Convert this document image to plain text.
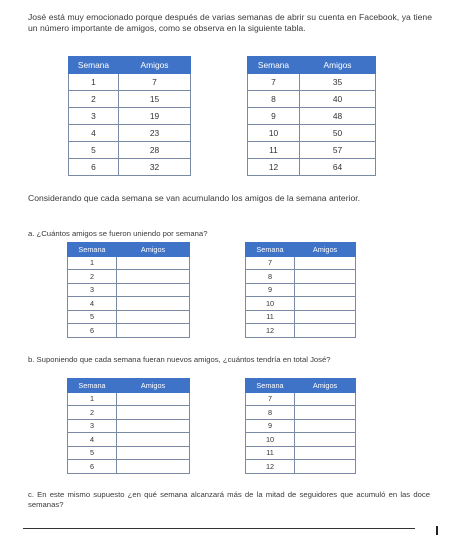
José está muy emocionado porque después de varias semanas de abrir su cuenta en Facebook, ya tiene un número importante de amigos, como se observa en la siguiente tabla.

Semana	Amigos
1	7
2	15
3	19
4	23
5	28
6	32
Semana	Amigos
7	35
8	40
9	48
10	50
11	57
12	64

Considerando que cada semana se van acumulando los amigos de la semana anterior.

a. ¿Cuántos amigos se fueron uniendo por semana?
Semana	Amigos
1	
2	
3	
4	
5	
6	
Semana	Amigos
7	
8	
9	
10	
11	
12	
b. Suponiendo que cada semana fueran nuevos amigos, ¿cuántos tendría en total José?
Semana	Amigos
1	
2	
3	
4	
5	
6	
Semana	Amigos
7	
8	
9	
10	
11	
12	
c. En este mismo supuesto ¿en qué semana alcanzará más de la mitad de seguidores que acumuló en las doce semanas?
